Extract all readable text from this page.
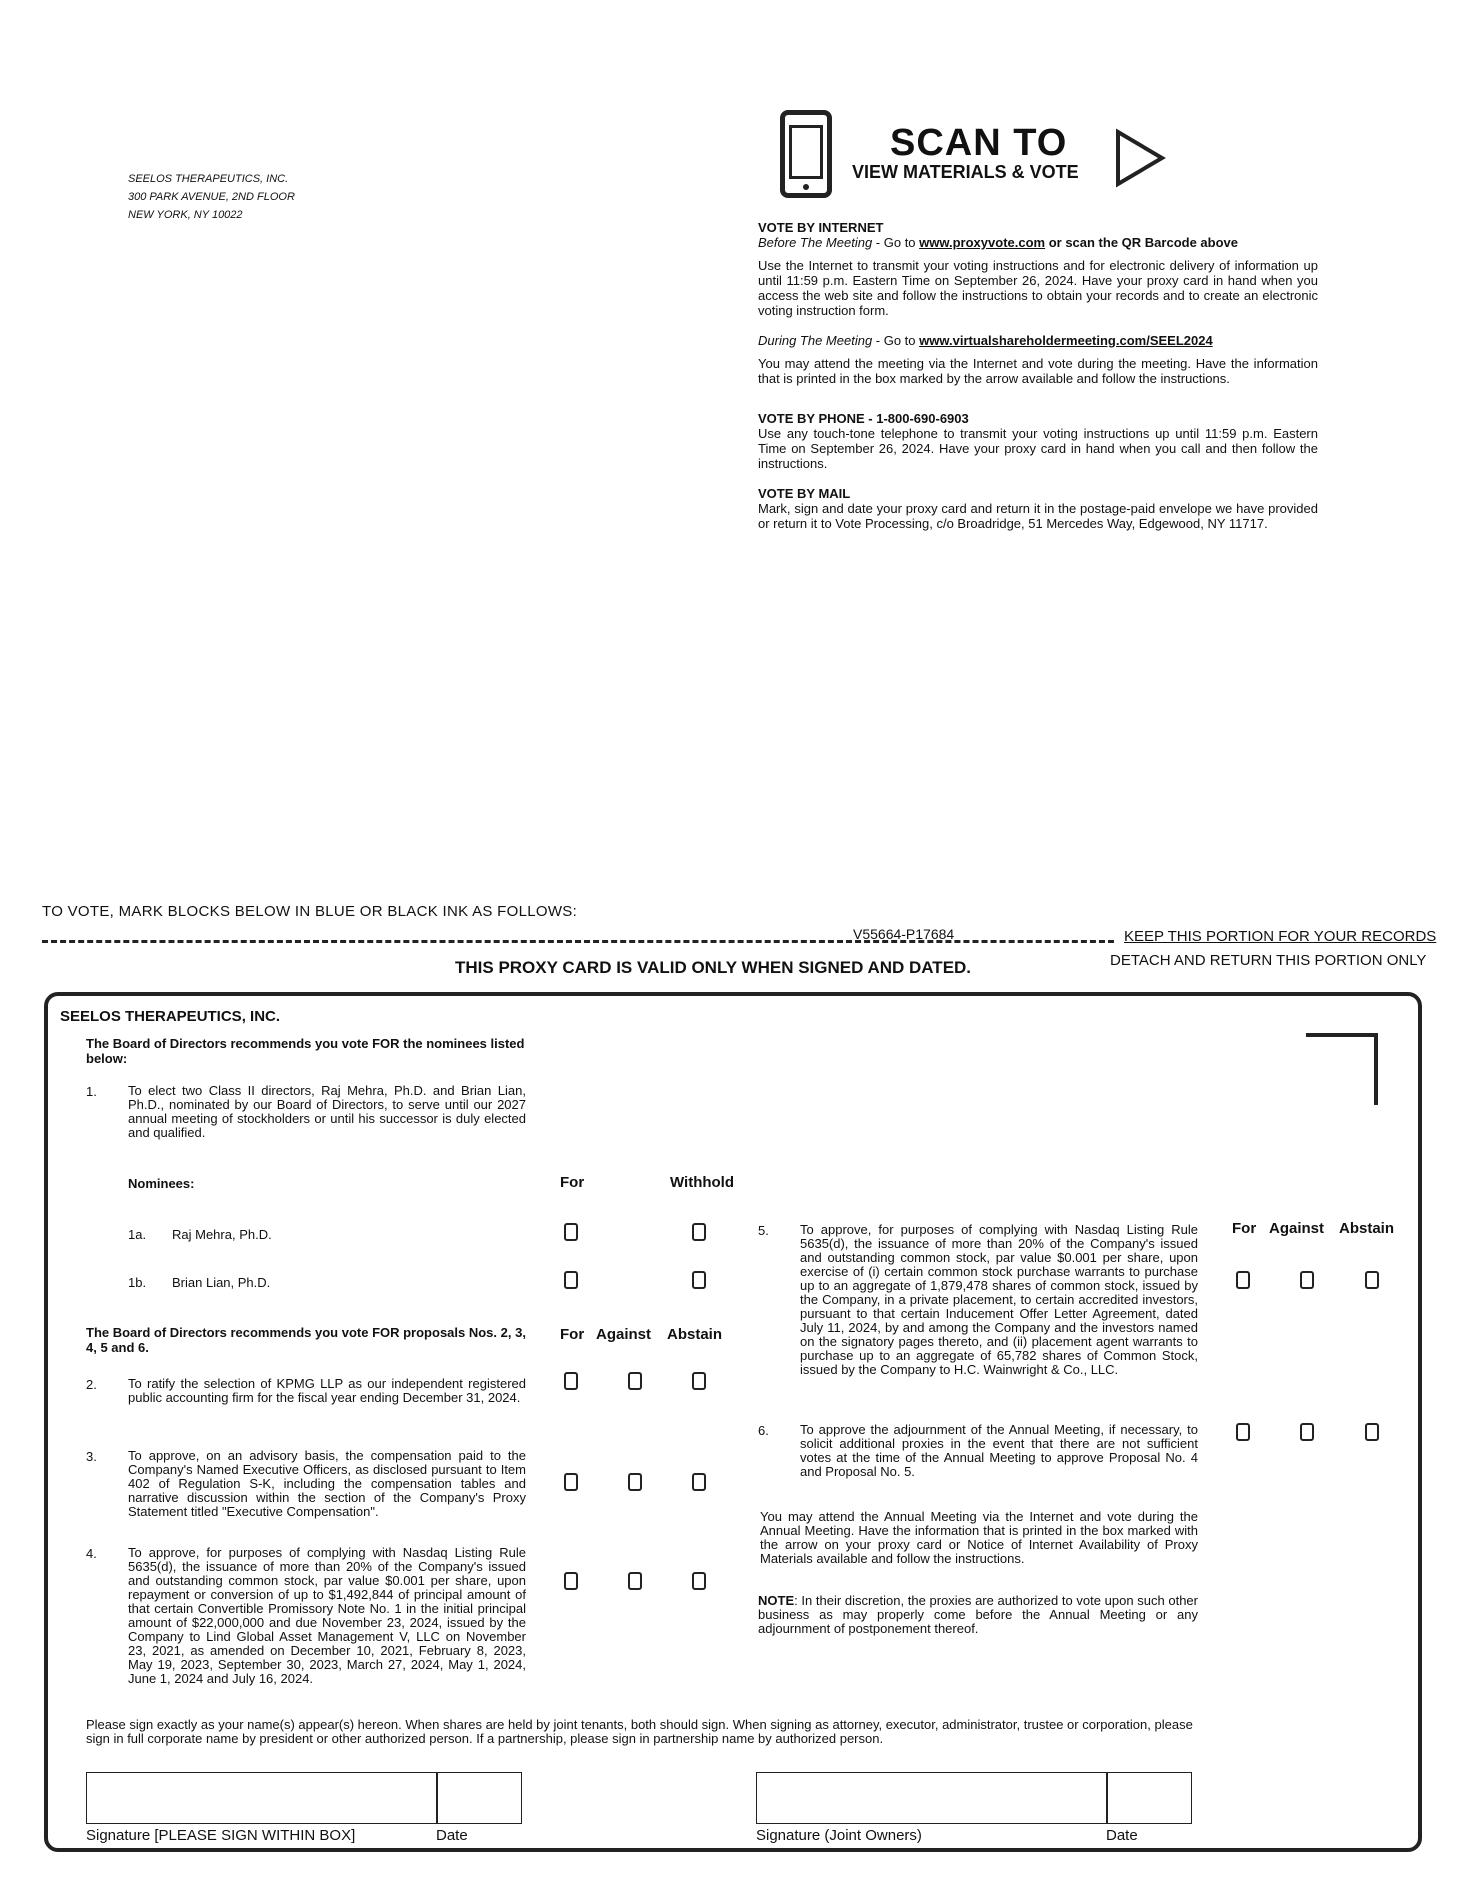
SEELOS THERAPEUTICS, INC.
300 PARK AVENUE, 2ND FLOOR
NEW YORK, NY 10022
SCAN TO
VIEW MATERIALS & VOTE
VOTE BY INTERNET
Before The Meeting - Go to www.proxyvote.com or scan the QR Barcode above

Use the Internet to transmit your voting instructions and for electronic delivery of information up until 11:59 p.m. Eastern Time on September 26, 2024. Have your proxy card in hand when you access the web site and follow the instructions to obtain your records and to create an electronic voting instruction form.

During The Meeting - Go to www.virtualshareholdermeeting.com/SEEL2024

You may attend the meeting via the Internet and vote during the meeting. Have the information that is printed in the box marked by the arrow available and follow the instructions.

VOTE BY PHONE - 1-800-690-6903

Use any touch-tone telephone to transmit your voting instructions up until 11:59 p.m. Eastern Time on September 26, 2024. Have your proxy card in hand when you call and then follow the instructions.

VOTE BY MAIL

Mark, sign and date your proxy card and return it in the postage-paid envelope we have provided or return it to Vote Processing, c/o Broadridge, 51 Mercedes Way, Edgewood, NY 11717.

TO VOTE, MARK BLOCKS BELOW IN BLUE OR BLACK INK AS FOLLOWS:
V55664-P17684	KEEP THIS PORTION FOR YOUR RECORDS
DETACH AND RETURN THIS PORTION ONLY
THIS PROXY CARD IS VALID ONLY WHEN SIGNED AND DATED.
SEELOS THERAPEUTICS, INC.
The Board of Directors recommends you vote FOR the nominees listed below:
1. To elect two Class II directors, Raj Mehra, Ph.D. and Brian Lian, Ph.D., nominated by our Board of Directors, to serve until our 2027 annual meeting of stockholders or until his successor is duly elected and qualified.
Nominees:	For	Withhold
1a. Raj Mehra, Ph.D.
1b. Brian Lian, Ph.D.
The Board of Directors recommends you vote FOR proposals Nos. 2, 3, 4, 5 and 6.
For Against Abstain
2. To ratify the selection of KPMG LLP as our independent registered public accounting firm for the fiscal year ending December 31, 2024.
3. To approve, on an advisory basis, the compensation paid to the Company's Named Executive Officers, as disclosed pursuant to Item 402 of Regulation S-K, including the compensation tables and narrative discussion within the section of the Company's Proxy Statement titled "Executive Compensation".
4. To approve, for purposes of complying with Nasdaq Listing Rule 5635(d), the issuance of more than 20% of the Company's issued and outstanding common stock, par value $0.001 per share, upon repayment or conversion of up to $1,492,844 of principal amount of that certain Convertible Promissory Note No. 1 in the initial principal amount of $22,000,000 and due November 23, 2024, issued by the Company to Lind Global Asset Management V, LLC on November 23, 2021, as amended on December 10, 2021, February 8, 2023, May 19, 2023, September 30, 2023, March 27, 2024, May 1, 2024, June 1, 2024 and July 16, 2024.
For Against Abstain
5. To approve, for purposes of complying with Nasdaq Listing Rule 5635(d), the issuance of more than 20% of the Company's issued and outstanding common stock, par value $0.001 per share, upon exercise of (i) certain common stock purchase warrants to purchase up to an aggregate of 1,879,478 shares of common stock, issued by the Company, in a private placement, to certain accredited investors, pursuant to that certain Inducement Offer Letter Agreement, dated July 11, 2024, by and among the Company and the investors named on the signatory pages thereto, and (ii) placement agent warrants to purchase up to an aggregate of 65,782 shares of Common Stock, issued by the Company to H.C. Wainwright & Co., LLC.
6. To approve the adjournment of the Annual Meeting, if necessary, to solicit additional proxies in the event that there are not sufficient votes at the time of the Annual Meeting to approve Proposal No. 4 and Proposal No. 5.
You may attend the Annual Meeting via the Internet and vote during the Annual Meeting. Have the information that is printed in the box marked with the arrow on your proxy card or Notice of Internet Availability of Proxy Materials available and follow the instructions.
NOTE: In their discretion, the proxies are authorized to vote upon such other business as may properly come before the Annual Meeting or any adjournment of postponement thereof.
Please sign exactly as your name(s) appear(s) hereon. When shares are held by joint tenants, both should sign. When signing as attorney, executor, administrator, trustee or corporation, please sign in full corporate name by president or other authorized person. If a partnership, please sign in partnership name by authorized person.
Signature [PLEASE SIGN WITHIN BOX]	Date	Signature (Joint Owners)	Date
